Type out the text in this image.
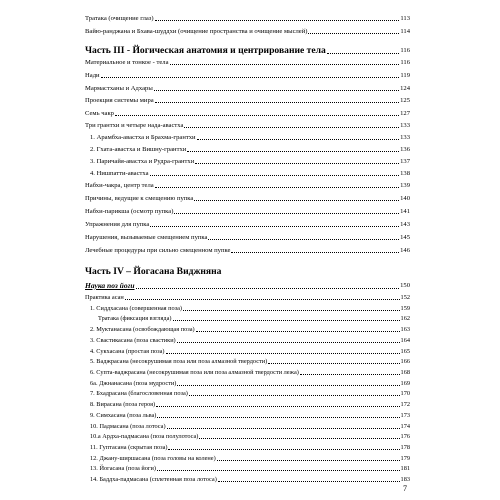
Тратака (очищение глаз)	113
Вайю-ранджана и Бхава-шуддхи (очищение пространства и очищение мыслей)	114
Часть III - Йогическая анатомия и центрирование тела	116
Материальное и тонкое - тела	116
Нади	119
Мармастханы и Адхары	124
Проекция системы мира	125
Семь чакр	127
Три грантхи и четыре нада-авастха	133
1. Арамбха-авастха и Брахма-грантхи	133
2. Гхата-авастха и Вишну-грантхи	136
3. Паричайя-авастха и Рудра-грантхи	137
4. Нишпатти-авастха	138
Набхи-чакра, центр тела	139
Причины, ведущие к смещению пупка	140
Набхи-парикша (осмотр пупка)	141
Упражнения для пупка	143
Нарушения, вызываемые смещением пупка	145
Лечебные процедуры при сильно смещенном пупке	146
Часть IV – Йогасана Виджняна
Наука поз йоги	150
Практика асан	152
1. Сиддхасана (совершенная поза)	159
Тратака (фиксация взгляда)	162
2. Муктанасана (освобождающая поза)	163
3. Свастикасана (поза свастики)	164
4. Сукхасана (простая поза)	165
5. Ваджрасана (несокрушимая поза или поза алмазной твердости)	166
6. Супта-ваджрасана (несокрушимая поза или поза алмазной твердости лежа)	168
6а. Джнанасана (поза мудрости)	169
7. Бхадрасана (благословенная поза)	170
8. Вирасана (поза героя)	172
9. Симхасана (поза льва)	173
10. Падмасана (поза лотоса)	174
10.а Ардха-падмасана (поза полулотоса)	176
11. Гуптасана (скрытая поза)	178
12. Джану-ширшасана (поза головы на колене)	179
13. Йогасана (поза йоги)	181
14. Баддха-падмасана (сплетенная поза лотоса)	183
7
